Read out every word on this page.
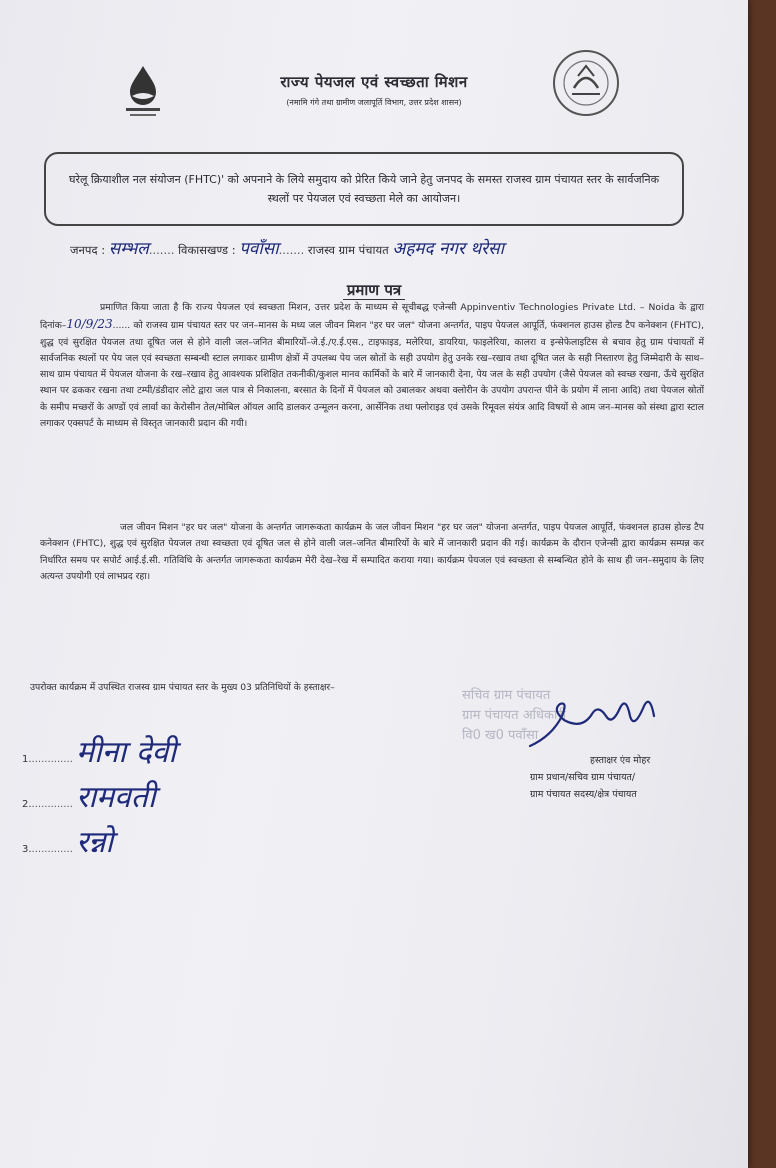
राज्य पेयजल एवं स्वच्छता मिशन
(नमामि गंगे तथा ग्रामीण जलापूर्ति विभाग, उत्तर प्रदेश शासन)
घरेलू क्रियाशील नल संयोजन (FHTC)' को अपनाने के लिये समुदाय को प्रेरित किये जाने हेतु जनपद के समस्त राजस्व ग्राम पंचायत स्तर के सार्वजनिक स्थलों पर पेयजल एवं स्वच्छता मेले का आयोजन।
जनपद : सम्भल....... विकासखण्ड : पवाँसा....... राजस्व ग्राम पंचायत अहमद नगर थरेसा
प्रमाण पत्र
प्रमाणित किया जाता है कि राज्य पेयजल एवं स्वच्छता मिशन, उत्तर प्रदेश के माध्यम से सूचीबद्ध एजेन्सी Appinventiv Technologies Private Ltd. – Noida के द्वारा दिनांक–10/9/23...... को राजस्व ग्राम पंचायत स्तर पर जन–मानस के मध्य जल जीवन मिशन "हर घर जल" योजना अन्तर्गत, पाइप पेयजल आपूर्ति, फंक्शनल हाउस होल्ड टैप कनेक्शन (FHTC), शुद्ध एवं सुरक्षित पेयजल तथा दूषित जल से होने वाली जल–जनित बीमारियों–जे.ई./ए.ई.एस., टाइफाइड, मलेरिया, डायरिया, फाइलेरिया, कालरा व इन्सेफेलाइटिस से बचाव हेतु ग्राम पंचायतों में सार्वजनिक स्थलों पर पेय जल एवं स्वच्छता सम्बन्धी स्टाल लगाकर ग्रामीण क्षेत्रों में उपलब्ध पेय जल स्रोतों के सही उपयोग हेतु उनके रख–रखाव तथा दूषित जल के सही निस्तारण हेतु जिम्मेदारी के साथ–साथ ग्राम पंचायत में पेयजल योजना के रख–रखाव हेतु आवश्यक प्रशिक्षित तकनीकी/कुशल मानव कार्मिकों के बारे में जानकारी देना, पेय जल के सही उपयोग (जैसे पेयजल को स्वच्छ रखना, ऊँचे सुरक्षित स्थान पर ढककर रखना तथा टम्पी/डंडीदार लोटे द्वारा जल पात्र से निकालना, बरसात के दिनों में पेयजल को उबालकर अथवा क्लोरीन के उपयोग उपरान्त पीने के प्रयोग में लाना आदि) तथा पेयजल स्रोतों के समीप मच्छरों के अण्डों एवं लार्वा का केरोसीन तेल/मोबिल ऑयल आदि डालकर उन्मूलन करना, आर्सेनिक तथा फ्लोराइड एवं उसके रिमूवल संयंत्र आदि विषयों से आम जन–मानस को संस्था द्वारा स्टाल लगाकर एक्सपर्ट के माध्यम से विस्तृत जानकारी प्रदान की गयी।
जल जीवन मिशन "हर घर जल" योजना के अन्तर्गत जागरूकता कार्यक्रम के जल जीवन मिशन "हर घर जल" योजना अन्तर्गत, पाइप पेयजल आपूर्ति, फंक्शनल हाउस होल्ड टैप कनेक्शन (FHTC), शुद्ध एवं सुरक्षित पेयजल तथा स्वच्छता एवं दूषित जल से होने वाली जल–जनित बीमारियों के बारे में जानकारी प्रदान की गई। कार्यक्रम के दौरान एजेन्सी द्वारा कार्यक्रम सम्पन्न कर निर्धारित समय पर सपोर्ट आई.ई.सी. गतिविधि के अन्तर्गत जागरूकता कार्यक्रम मेरी देख–रेख में सम्पादित कराया गया। कार्यक्रम पेयजल एवं स्वच्छता से सम्बन्धित होने के साथ ही जन–समुदाय के लिए अत्यन्त उपयोगी एवं लाभप्रद रहा।
उपरोक्त कार्यक्रम में उपस्थित राजस्व ग्राम पंचायत स्तर के मुख्य 03 प्रतिनिधियों के हस्ताक्षर–
1.............. मीना देवी
2.............. रामवती
3.............. रन्नो
सचिव ग्राम पंचायत
ग्राम पंचायत अधिकारी
वि0 ख0 पवाँसा
हस्ताक्षर एंव मोहर
ग्राम प्रधान/सचिव ग्राम पंचायत/
ग्राम पंचायत सदस्य/क्षेत्र पंचायत
